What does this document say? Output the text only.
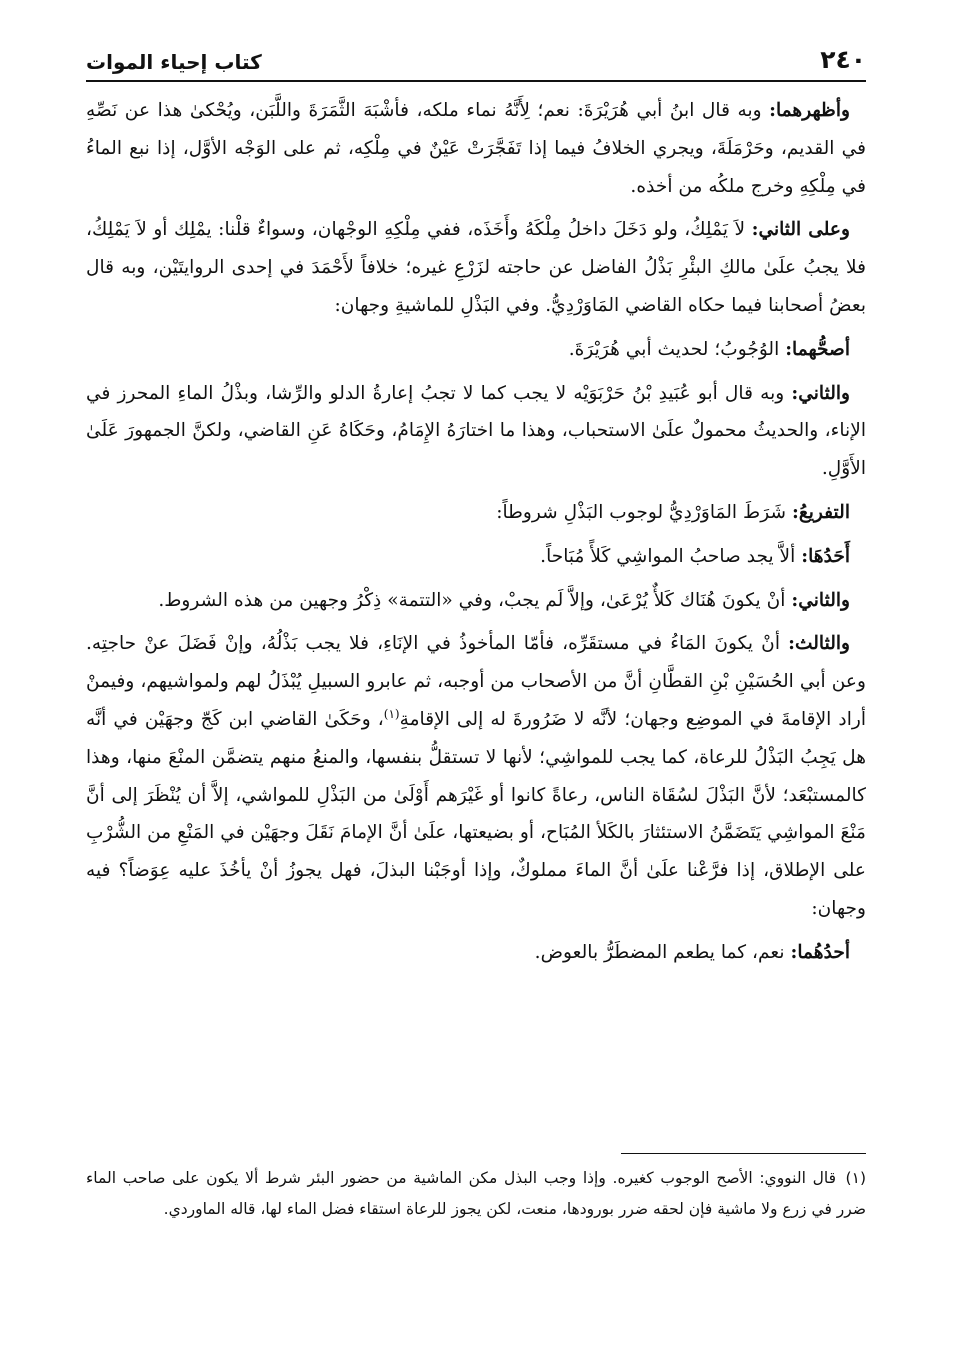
٢٤٠
كتاب إحياء الموات

وأظهرهما: وبه قال ابنُ أبي هُرَيْرَةَ: نعم؛ لِأَنَّهُ نماء ملكه، فأشْبَهَ الثَّمَرَةَ واللَّبَن، ويُحْكىٰ هذا عن نَصِّهِ في القديم، وحَرْمَلَةَ، ويجري الخلافُ فيما إذا تَفَجَّرَتْ عَيْنٌ في مِلْكِه، ثم على الوَجْه الأوَّل، إذا نبع الماءُ في مِلْكِهِ وخرج ملكُه من أخذه.

وعلى الثاني: لاَ يَمْلِكُ، ولو دَخَلَ داخلُ مِلْكَهُ وأَخَذَه، ففي مِلْكِهِ الوجْهان، وسواءٌ قلْنا: يمْلِك أو لاَ يَمْلِكُ، فلا يجبُ علَىٰ مالكِ البئْرِ بَذْلُ الفاضل عن حاجته لزَرْعِ غيره؛ خلافاً لأَحْمَدَ في إحدى الروايتَيْن، وبه قال بعضُ أصحابنا فيما حكاه القاضي المَاوَرْدِيُّ. وفي البَذْلِ للماشيةِ وجهان:

أصحُّهما: الوُجُوبُ؛ لحديث أبي هُرَيْرَةَ.

والثاني: وبه قال أبو عُبَيدِ بْنُ حَرْبَوَيْه لا يجب كما لا تجبُ إعارةُ الدلو والرِّشا، وبذْلُ الماءِ المحرز في الإناء، والحديثُ محمولٌ علَىٰ الاستحباب، وهذا ما اختارَهُ الإِمَامُ، وحَكَاهُ عَنِ القاضي، ولكنَّ الجمهورَ عَلَىٰ الأَوَّلِ.

التفريعُ: شَرَطَ المَاوَرْدِيُّ لوجوب البَذْلِ شروطاً:

أَحَدُهَا: ألاَّ يجد صاحبُ المواشِي كَلأً مُبَاحاً.

والثاني: أنْ يكونَ هُنَاك كَلأٌ يُرْعَىٰ، وإلاَّ لَم يجبْ، وفي «التتمة» ذِكْرُ وجهين من هذه الشروط.

والثالث: أنْ يكونَ المَاءُ في مستقَرِّه، فأمّا المأخوذُ في الإنَاءِ، فلا يجب بَذْلُهُ، وإنْ فَضَلَ عنْ حاجتِه. وعن أبي الحُسَيْنِ بْنِ القطَّانِ أنَّ من الأصحاب من أوجبه، ثم عابرو السبيلِ يُبْذَلُ لهم ولمواشيهم، وفيمنْ أراد الإقامةَ في الموضِع وجهان؛ لأنَّه لا ضَرُورةَ له إلى الإقامةِ$^{(١)}$، وحَكَىٰ القاضي ابن كَجّ وجهَيْن في أنَّه هل يَجِبُ البَذْلُ للرعاة، كما يجب للمواشِي؛ لأنها لا تستقلُّ بنفسها، والمنعُ منهم يتضمَّن المنْعَ منها، وهذا كالمستبْعَد؛ لأنَّ البَذْلَ لسُقَاة الناس، رعاةً كانوا أو غَيْرَهم أَوْلَىٰ من البَذْلِ للمواشي، إلاَّ أن يُنْظَرَ إلى أنَّ مَنْعَ المواشِي يَتَضَمَّنُ الاستئثارَ بالكَلأ المُبَاح، أو بضيعتها، علَىٰ أنَّ الإمامَ نَقَلَ وجهَيْن في المَنْعِ من الشُّرْبِ على الإطلاق، إذا فرَّعْنا علَىٰ أنَّ الماءَ مملوكٌ، وإذا أوجَبْنا البذلَ، فهل يجوزُ أنْ يأخُذَ عليه عِوَضاً؟ فيه وجهان:

أحدُهُما: نعم، كما يطعم المضطَرُّ بالعوض.

(١)قال النووي: الأصح الوجوب كغيره. وإذا وجب البذل مكن الماشية من حضور البئر شرط ألا يكون على صاحب الماء ضرر في زرع ولا ماشية فإن لحقه ضرر بورودها، منعت، لكن يجوز للرعاة استقاء فضل الماء لها، قاله الماوردي.
